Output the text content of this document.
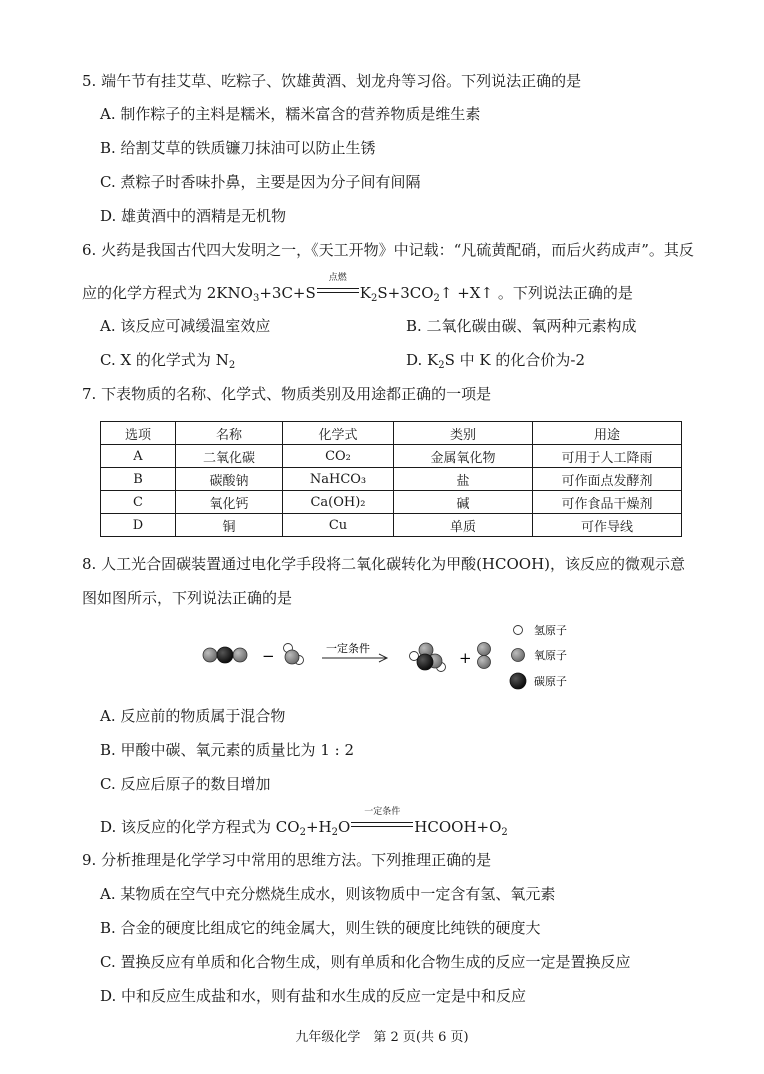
5. 端午节有挂艾草、吃粽子、饮雄黄酒、划龙舟等习俗。下列说法正确的是
A. 制作粽子的主料是糯米，糯米富含的营养物质是维生素
B. 给割艾草的铁质镰刀抹油可以防止生锈
C. 煮粽子时香味扑鼻，主要是因为分子间有间隔
D. 雄黄酒中的酒精是无机物
6. 火药是我国古代四大发明之一，《天工开物》中记载：“凡硫黄配硝，而后火药成声”。其反
应的化学方程式为 $2KNO_3+3C+S$
点燃
$K_2S+3CO_2↑$ +X↑ 。下列说法正确的是
A. 该反应可减缓温室效应	B. 二氧化碳由碳、氧两种元素构成
C. X 的化学式为 $N_2$	D. $K_2S$ 中 K 的化合价为-2
7. 下表物质的名称、化学式、物质类别及用途都正确的一项是
选项	名称	化学式	类别	用途
A	二氧化碳	CO₂	金属氧化物	可用于人工降雨
B	碳酸钠	NaHCO₃	盐	可作面点发酵剂
C	氧化钙	Ca(OH)₂	碱	可作食品干燥剂
D	铜	Cu	单质	可作导线
8. 人工光合固碳装置通过电化学手段将二氧化碳转化为甲酸(HCOOH)，该反应的微观示意
图如图所示，下列说法正确的是
−	一定条件
+
氢原子
氧原子
碳原子
A. 反应前的物质属于混合物
B. 甲酸中碳、氧元素的质量比为 1 : 2
C. 反应后原子的数目增加
D. 该反应的化学方程式为 $CO_2+H_2O$
一定条件
$HCOOH+O_2$
9. 分析推理是化学学习中常用的思维方法。下列推理正确的是
A. 某物质在空气中充分燃烧生成水，则该物质中一定含有氢、氧元素
B. 合金的硬度比组成它的纯金属大，则生铁的硬度比纯铁的硬度大
C. 置换反应有单质和化合物生成，则有单质和化合物生成的反应一定是置换反应
D. 中和反应生成盐和水，则有盐和水生成的反应一定是中和反应
九年级化学　第 2 页(共 6 页)
